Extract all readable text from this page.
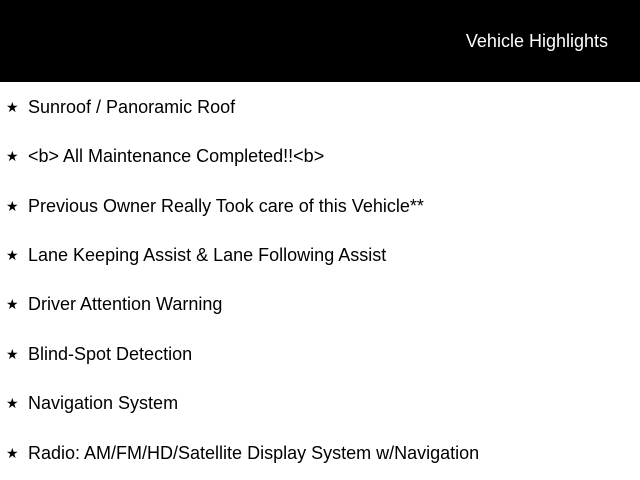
Vehicle Highlights
★ Sunroof / Panoramic Roof
★ <b> All Maintenance Completed!!<b>
★ Previous Owner Really Took care of this Vehicle**
★ Lane Keeping Assist & Lane Following Assist
★ Driver Attention Warning
★ Blind-Spot Detection
★ Navigation System
★ Radio: AM/FM/HD/Satellite Display System w/Navigation
